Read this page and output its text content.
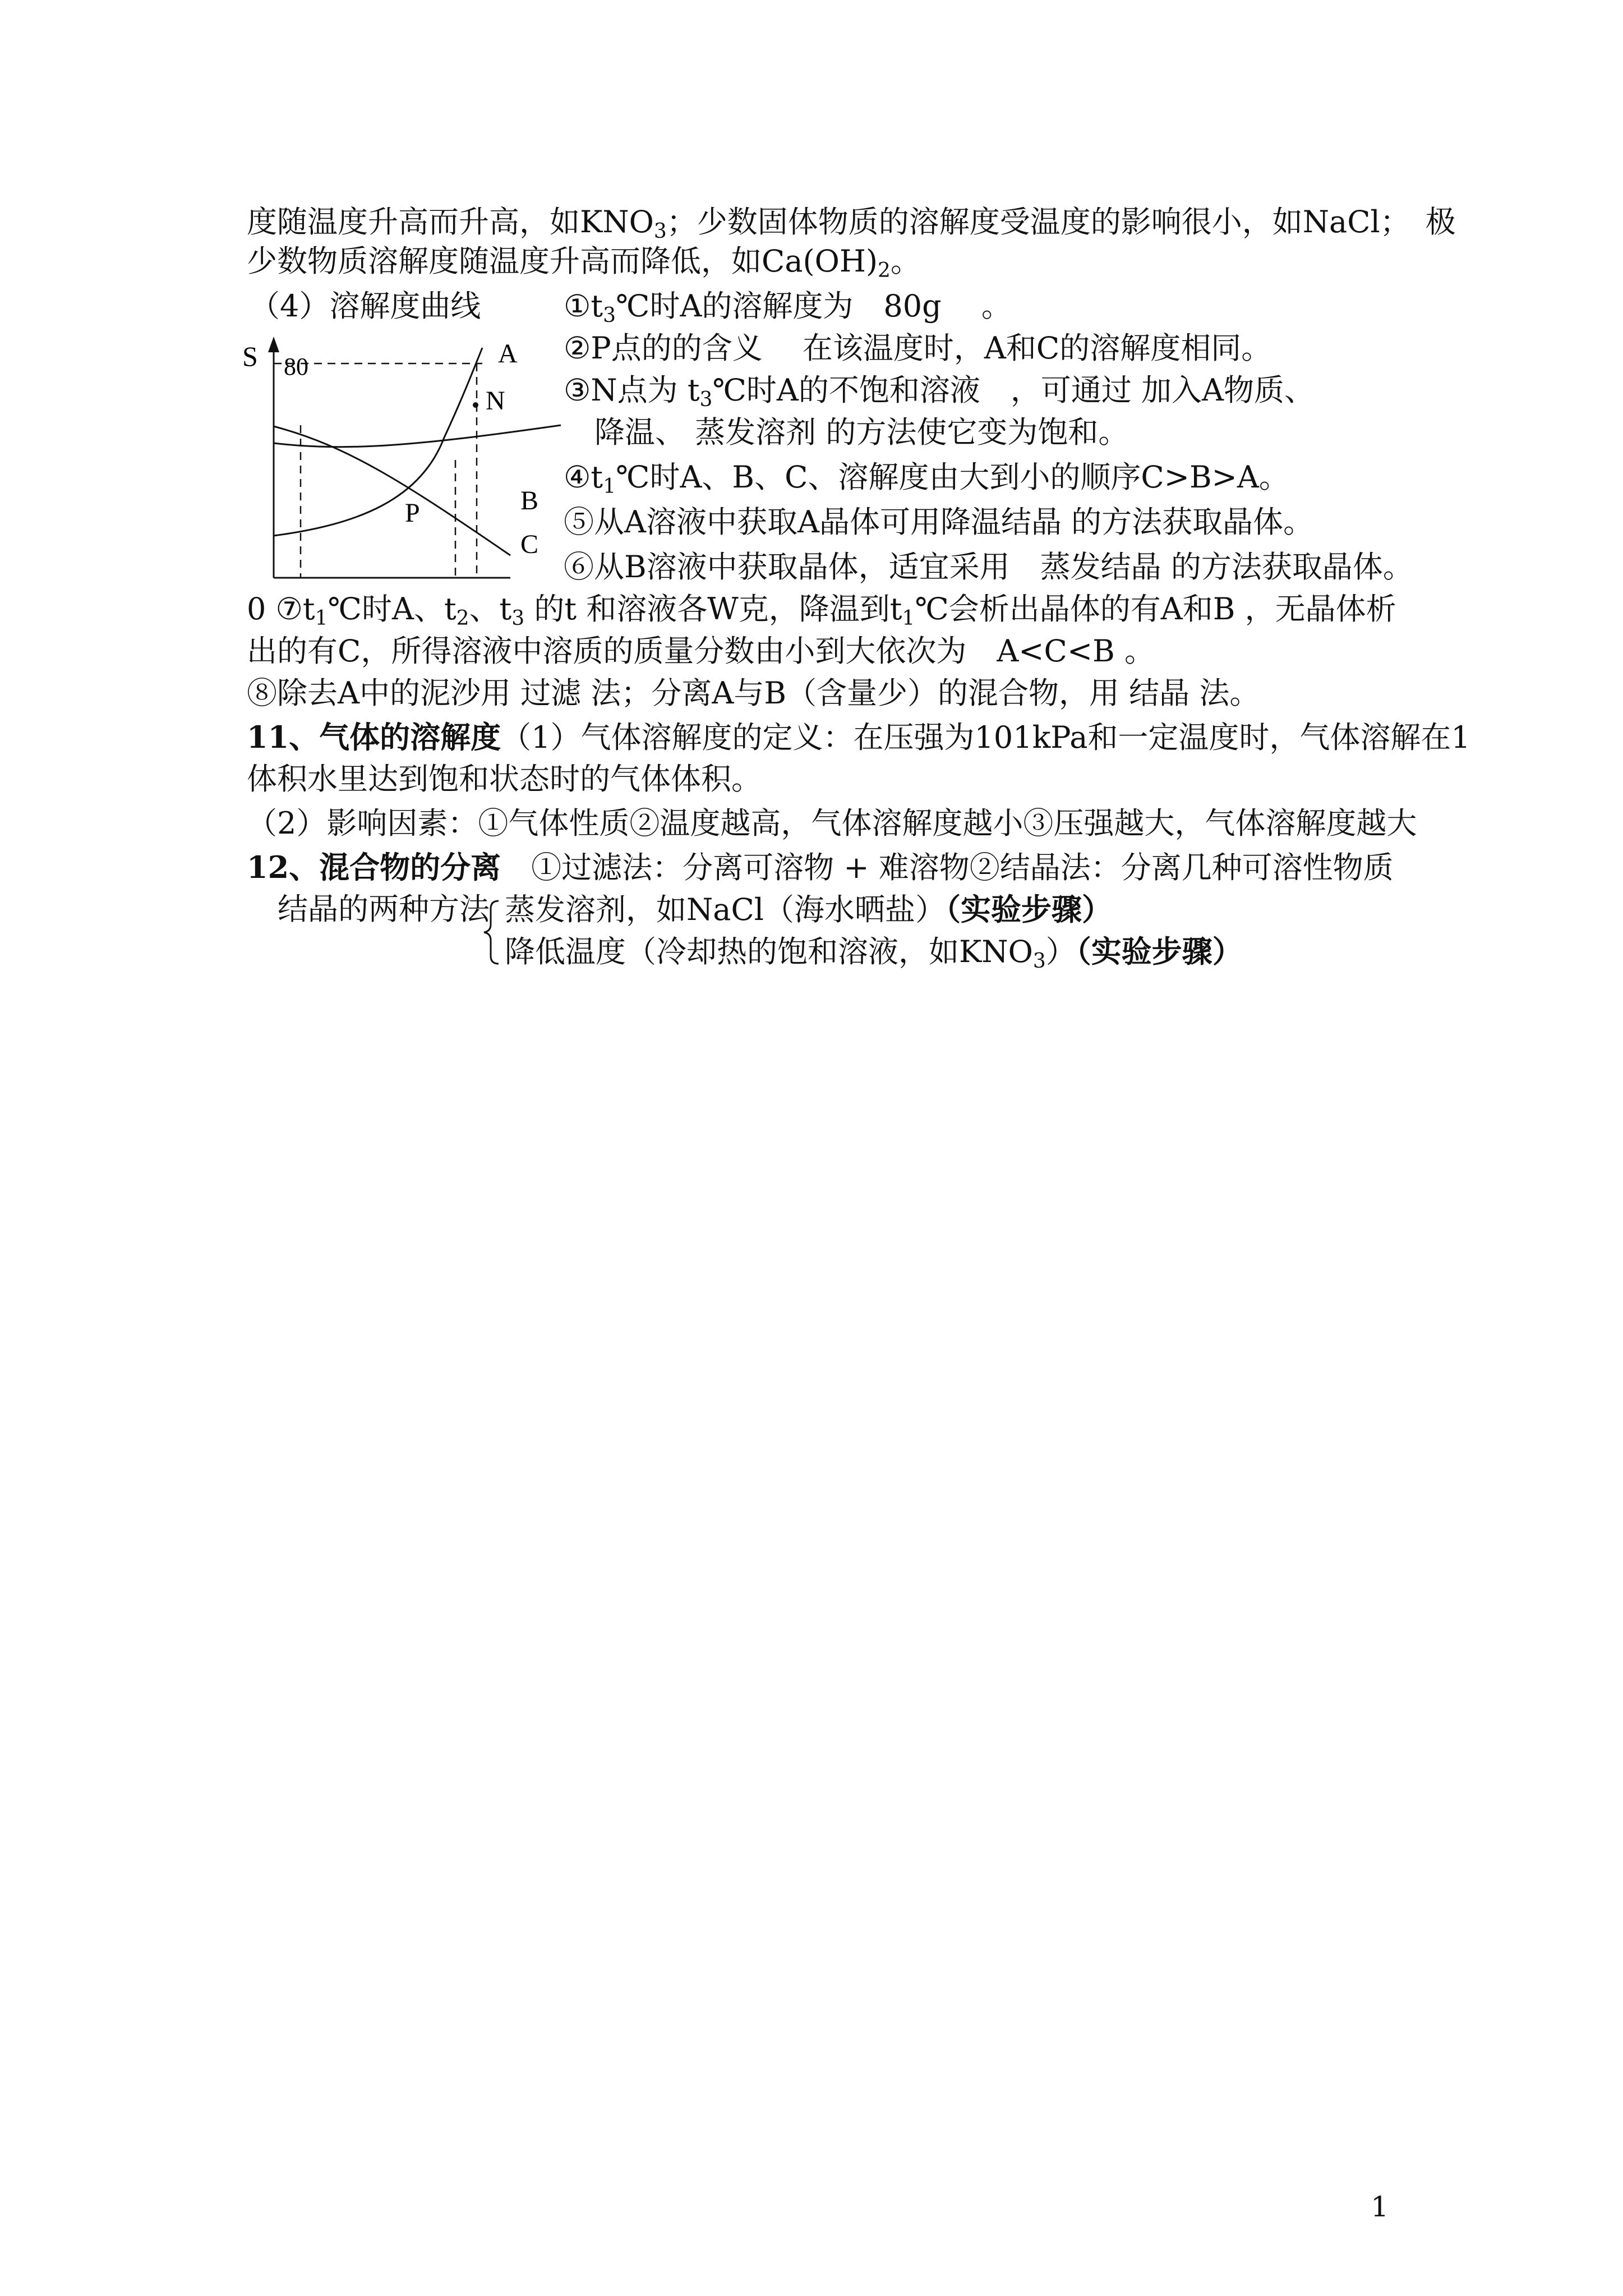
度随温度升高而升高，如$KNO_3$；少数固体物质的溶解度受温度的影响很小，如NaCl；　极
少数物质溶解度随温度升高而降低，如$Ca(OH)_2$。
（4）溶解度曲线	$①t_3℃$时A的溶解度为　80g　 。
②P点的的含义　 在该温度时，A和C的溶解度相同。
③N点为 $t_3℃$时A的不饱和溶液　，可通过 加入A物质、
降温、 蒸发溶剂 的方法使它变为饱和。
$④t_1℃$时A、B、C、溶解度由大到小的顺序C>B>A。
⑤从A溶液中获取A晶体可用降温结晶 的方法获取晶体。
⑥从B溶液中获取晶体，适宜采用　蒸发结晶 的方法获取晶体。
0 $⑦t_1℃$时A、$t_2$、$t_3$ 的t 和溶液各W克，降温到$t_1℃$会析出晶体的有A和B ，无晶体析
出的有C，所得溶液中溶质的质量分数由小到大依次为　A<C<B 。
⑧除去A中的泥沙用 过滤 法；分离A与B（含量少）的混合物，用 结晶 法。
11、气体的溶解度（1）气体溶解度的定义：在压强为101kPa和一定温度时，气体溶解在1
体积水里达到饱和状态时的气体体积。
（2）影响因素：①气体性质②温度越高，气体溶解度越小③压强越大，气体溶解度越大
12、混合物的分离　①过滤法：分离可溶物 + 难溶物②结晶法：分离几种可溶性物质
结晶的两种方法 蒸发溶剂，如NaCl（海水晒盐）（实验步骤）
降低温度（冷却热的饱和溶液，如$KNO_3$）（实验步骤）
S 80	A
N
P	B
C
1
